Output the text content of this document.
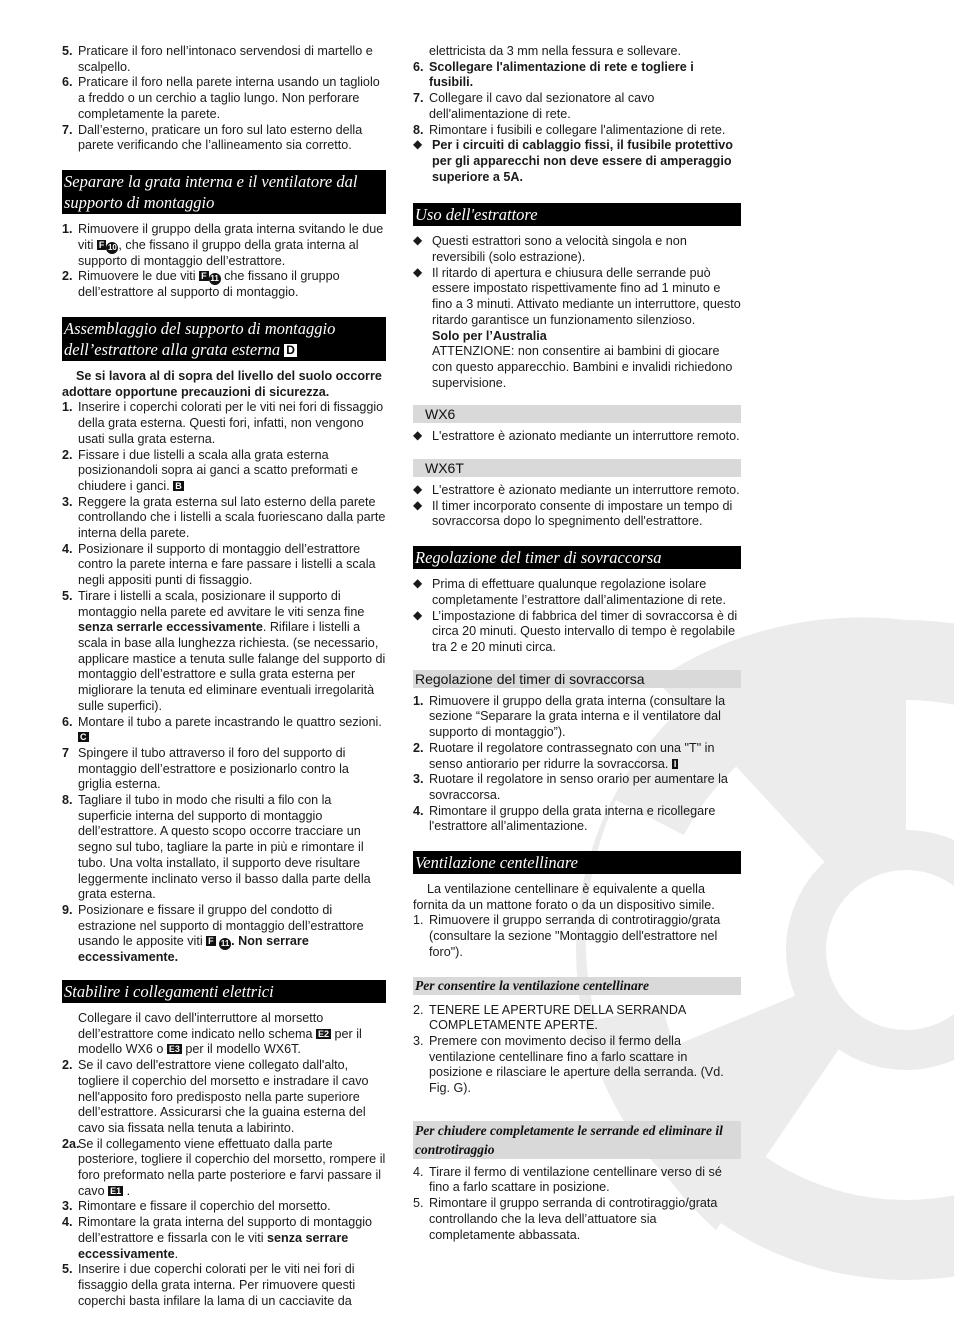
5. Praticare il foro nell’intonaco servendosi di martello e scalpello.

6. Praticare il foro nella parete interna usando un tagliolo a freddo o un cerchio a taglio lungo. Non perforare completamente la parete.

7. Dall’esterno, praticare un foro sul lato esterno della parete verificando che l’allineamento sia corretto.

Separare la grata interna e il ventilatore dal supporto di montaggio

1. Rimuovere il gruppo della grata interna svitando le due viti F 10 , che fissano il gruppo della grata interna al supporto di montaggio dell’estrattore.

2. Rimuovere le due viti F 11 che fissano il gruppo dell’estrattore al supporto di montaggio.

Assemblaggio del supporto di montaggio dell’estrattore alla grata esterna D

Se si lavora al di sopra del livello del suolo occorre adottare opportune precauzioni di sicurezza.

1. Inserire i coperchi colorati per le viti nei fori di fissaggio della grata esterna. Questi fori, infatti, non vengono usati sulla grata esterna.

2. Fissare i due listelli a scala alla grata esterna posizionandoli sopra ai ganci a scatto preformati e chiudere i ganci. B

3. Reggere la grata esterna sul lato esterno della parete controllando che i listelli a scala fuoriescano dalla parte interna della parete.

4. Posizionare il supporto di montaggio dell’estrattore contro la parete interna e fare passare i listelli a scala negli appositi punti di fissaggio.

5. Tirare i listelli a scala, posizionare il supporto di montaggio nella parete ed avvitare le viti senza fine senza serrarle eccessivamente. Rifilare i listelli a scala in base alla lunghezza richiesta. (se necessario, applicare mastice a tenuta sulle falange del supporto di montaggio dell’estrattore e sulla grata esterna per migliorare la tenuta ed eliminare eventuali irregolarità sulle superfici).

6. Montare il tubo a parete incastrando le quattro sezioni. C

7 Spingere il tubo attraverso il foro del supporto di montaggio dell’estrattore e posizionarlo contro la griglia esterna.

8. Tagliare il tubo in modo che risulti a filo con la superficie interna del supporto di montaggio dell’estrattore. A questo scopo occorre tracciare un segno sul tubo, tagliare la parte in più e rimontare il tubo. Una volta installato, il supporto deve risultare leggermente inclinato verso il basso dalla parte della grata esterna.

9. Posizionare e fissare il gruppo del condotto di estrazione nel supporto di montaggio dell’estrattore usando le apposite viti F 11 . Non serrare eccessivamente.

Stabilire i collegamenti elettrici

Collegare il cavo dell'interruttore al morsetto dell’estrattore come indicato nello schema E2 per il modello WX6 o E3 per il modello WX6T.

2. Se il cavo dell'estrattore viene collegato dall'alto, togliere il coperchio del morsetto e instradare il cavo nell'apposito foro predisposto nella parte superiore dell’estrattore. Assicurarsi che la guaina esterna del cavo sia fissata nella tenuta a labirinto.

2a.
Se il collegamento viene effettuato dalla parte posteriore, togliere il coperchio del morsetto, rompere il foro preformato nella parte posteriore e farvi passare il cavo E1 .

3. Rimontare e fissare il coperchio del morsetto.

4. Rimontare la grata interna del supporto di montaggio dell’estrattore e fissarla con le viti senza serrare eccessivamente.

5. Inserire i due coperchi colorati per le viti nei fori di fissaggio della grata interna. Per rimuovere questi coperchi basta infilare la lama di un cacciavite da

elettricista da 3 mm nella fessura e sollevare.

6. Scollegare l'alimentazione di rete e togliere i fusibili.

7. Collegare il cavo dal sezionatore al cavo dell'alimentazione di rete.

8. Rimontare i fusibili e collegare l'alimentazione di rete.

◆ Per i circuiti di cablaggio fissi, il fusibile protettivo per gli apparecchi non deve essere di amperaggio superiore a 5A.

Uso dell'estrattore

◆ Questi estrattori sono a velocità singola e non reversibili (solo estrazione).

◆ Il ritardo di apertura e chiusura delle serrande può essere impostato rispettivamente fino ad 1 minuto e fino a 3 minuti. Attivato mediante un interruttore, questo ritardo garantisce un funzionamento silenzioso.
Solo per l’Australia
ATTENZIONE: non consentire ai bambini di giocare con questo apparecchio. Bambini e invalidi richiedono supervisione.

WX6

◆ L'estrattore è azionato mediante un interruttore remoto.

WX6T

◆ L'estrattore è azionato mediante un interruttore remoto.

◆ Il timer incorporato consente di impostare un tempo di sovraccorsa dopo lo spegnimento dell'estrattore.

Regolazione del timer di sovraccorsa

◆ Prima di effettuare qualunque regolazione isolare completamente l’estrattore dall’alimentazione di rete.

◆ L’impostazione di fabbrica del timer di sovraccorsa è di circa 20 minuti. Questo intervallo di tempo è regolabile tra 2 e 20 minuti circa.

Regolazione del timer di sovraccorsa

1. Rimuovere il gruppo della grata interna (consultare la sezione “Separare la grata interna e il ventilatore dal supporto di montaggio”).

2. Ruotare il regolatore contrassegnato con una "T" in senso antiorario per ridurre la sovraccorsa. I

3. Ruotare il regolatore in senso orario per aumentare la sovraccorsa.

4. Rimontare il gruppo della grata interna e ricollegare l'estrattore all’alimentazione.

Ventilazione centellinare

La ventilazione centellinare è equivalente a quella fornita da un mattone forato o da un dispositivo simile.

1. Rimuovere il gruppo serranda di controtiraggio/grata (consultare la sezione "Montaggio dell'estrattore nel foro").

Per consentire la ventilazione centellinare

2. TENERE LE APERTURE DELLA SERRANDA COMPLETAMENTE APERTE.

3. Premere con movimento deciso il fermo della ventilazione centellinare fino a farlo scattare in posizione e rilasciare le aperture della serranda. (Vd. Fig. G).

Per chiudere completamente le serrande ed eliminare il controtiraggio

4. Tirare il fermo di ventilazione centellinare verso di sé fino a farlo scattare in posizione.

5. Rimontare il gruppo serranda di controtiraggio/grata controllando che la leva dell’attuatore sia completamente abbassata.
